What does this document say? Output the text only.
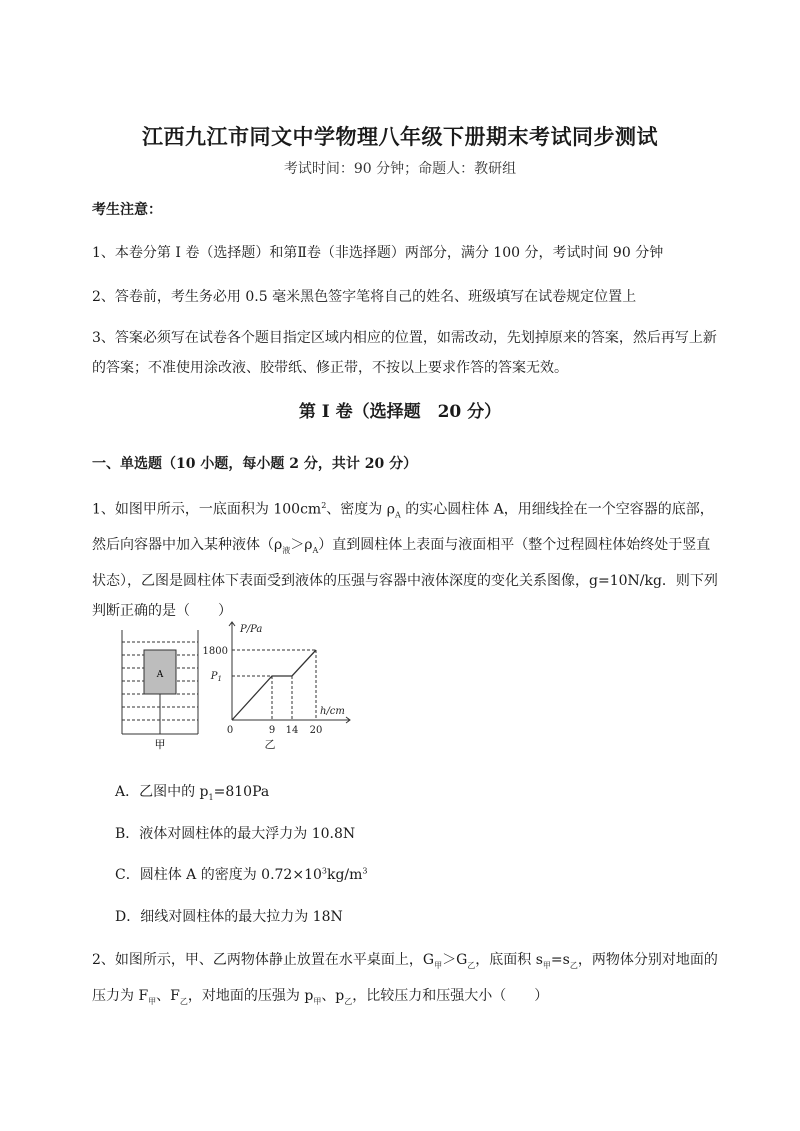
江西九江市同文中学物理八年级下册期末考试同步测试
考试时间：90 分钟；命题人：教研组
考生注意：
1、本卷分第 I 卷（选择题）和第Ⅱ卷（非选择题）两部分，满分 100 分，考试时间 90 分钟
2、答卷前，考生务必用 0.5 毫米黑色签字笔将自己的姓名、班级填写在试卷规定位置上
3、答案必须写在试卷各个题目指定区域内相应的位置，如需改动，先划掉原来的答案，然后再写上新的答案；不准使用涂改液、胶带纸、修正带，不按以上要求作答的答案无效。
第 I 卷（选择题　20 分）
一、单选题（10 小题，每小题 2 分，共计 20 分）
1、如图甲所示，一底面积为 $100cm^2$、密度为 $\rho_A$ 的实心圆柱体 A，用细线拴在一个空容器的底部，然后向容器中加入某种液体$(\rho_液>\rho_A)$直到圆柱体上表面与液面相平（整个过程圆柱体始终处于竖直状态），乙图是圆柱体下表面受到液体的压强与容器中液体深度的变化关系图像，g=10N/kg．则下列判断正确的是（　　）
A
甲
P/Pa
1800
$P_1$
h/cm
0	9 14 20
乙
A．乙图中的 $p_1=810Pa$
B．液体对圆柱体的最大浮力为 10.8N
C．圆柱体 A 的密度为 $0.72\times 10^3kg/m^3$
D．细线对圆柱体的最大拉力为 18N
2、如图所示，甲、乙两物体静止放置在水平桌面上，$G_甲>G_乙$，底面积 $s_甲=s_乙$，两物体分别对地面的压力为 $F_甲$、$F_乙$，对地面的压强为 $p_甲$、$p_乙$，比较压力和压强大小（　　）
